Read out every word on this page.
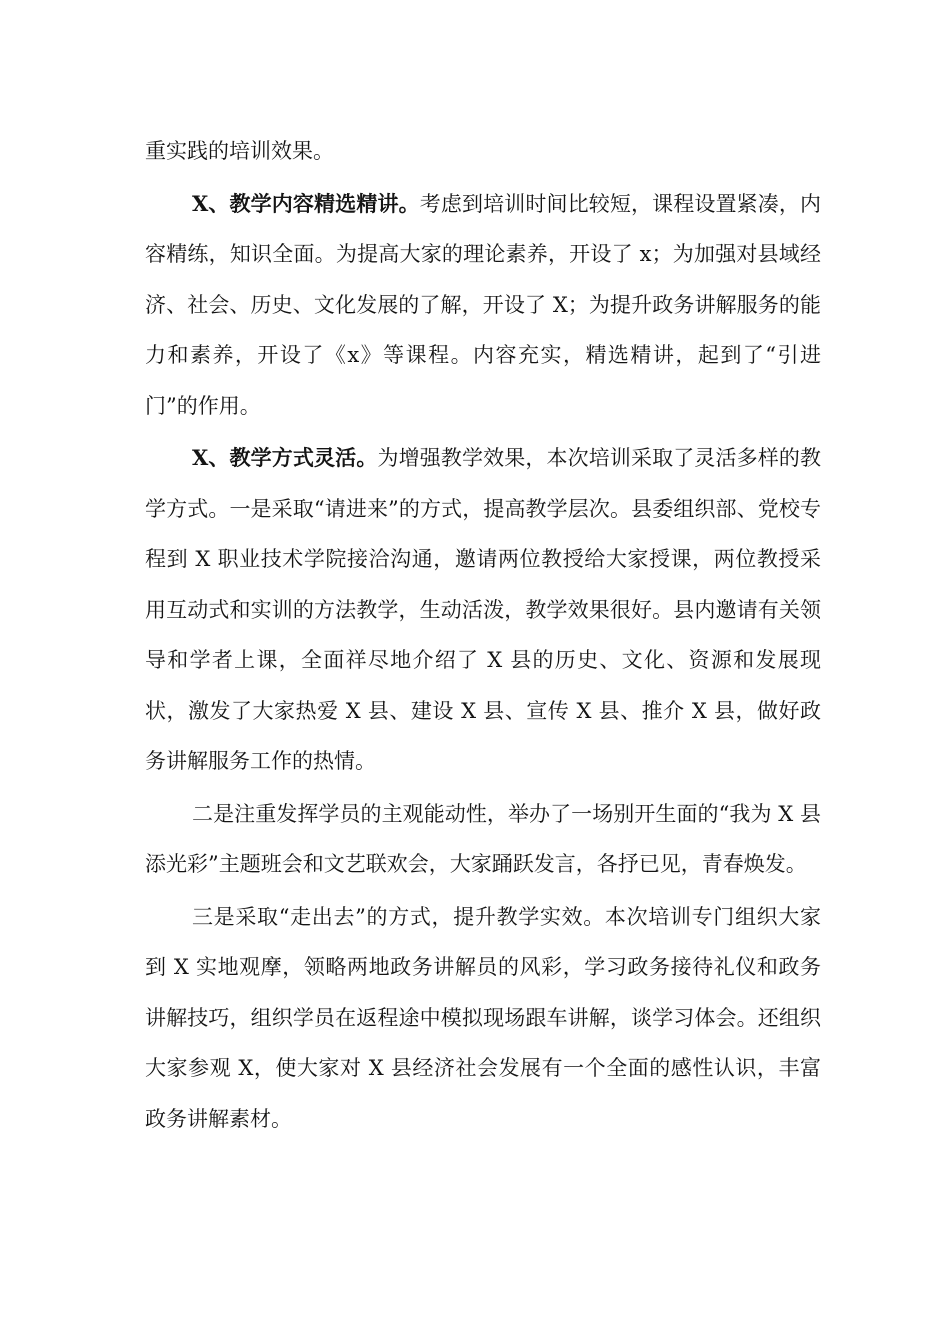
重实践的培训效果。

X、教学内容精选精讲。考虑到培训时间比较短，课程设置紧凑，内容精练，知识全面。为提高大家的理论素养，开设了 x；为加强对县域经济、社会、历史、文化发展的了解，开设了 X；为提升政务讲解服务的能力和素养，开设了《x》等课程。内容充实，精选精讲，起到了“引进门”的作用。

X、教学方式灵活。为增强教学效果，本次培训采取了灵活多样的教学方式。一是采取“请进来”的方式，提高教学层次。县委组织部、党校专程到 X 职业技术学院接洽沟通，邀请两位教授给大家授课，两位教授采用互动式和实训的方法教学，生动活泼，教学效果很好。县内邀请有关领导和学者上课，全面祥尽地介绍了 X 县的历史、文化、资源和发展现状，激发了大家热爱 X 县、建设 X 县、宣传 X 县、推介 X 县，做好政务讲解服务工作的热情。

二是注重发挥学员的主观能动性，举办了一场别开生面的“我为 X 县添光彩”主题班会和文艺联欢会，大家踊跃发言，各抒已见，青春焕发。

三是采取“走出去”的方式，提升教学实效。本次培训专门组织大家到 X 实地观摩，领略两地政务讲解员的风彩，学习政务接待礼仪和政务讲解技巧，组织学员在返程途中模拟现场跟车讲解，谈学习体会。还组织大家参观 X，使大家对 X 县经济社会发展有一个全面的感性认识，丰富政务讲解素材。
